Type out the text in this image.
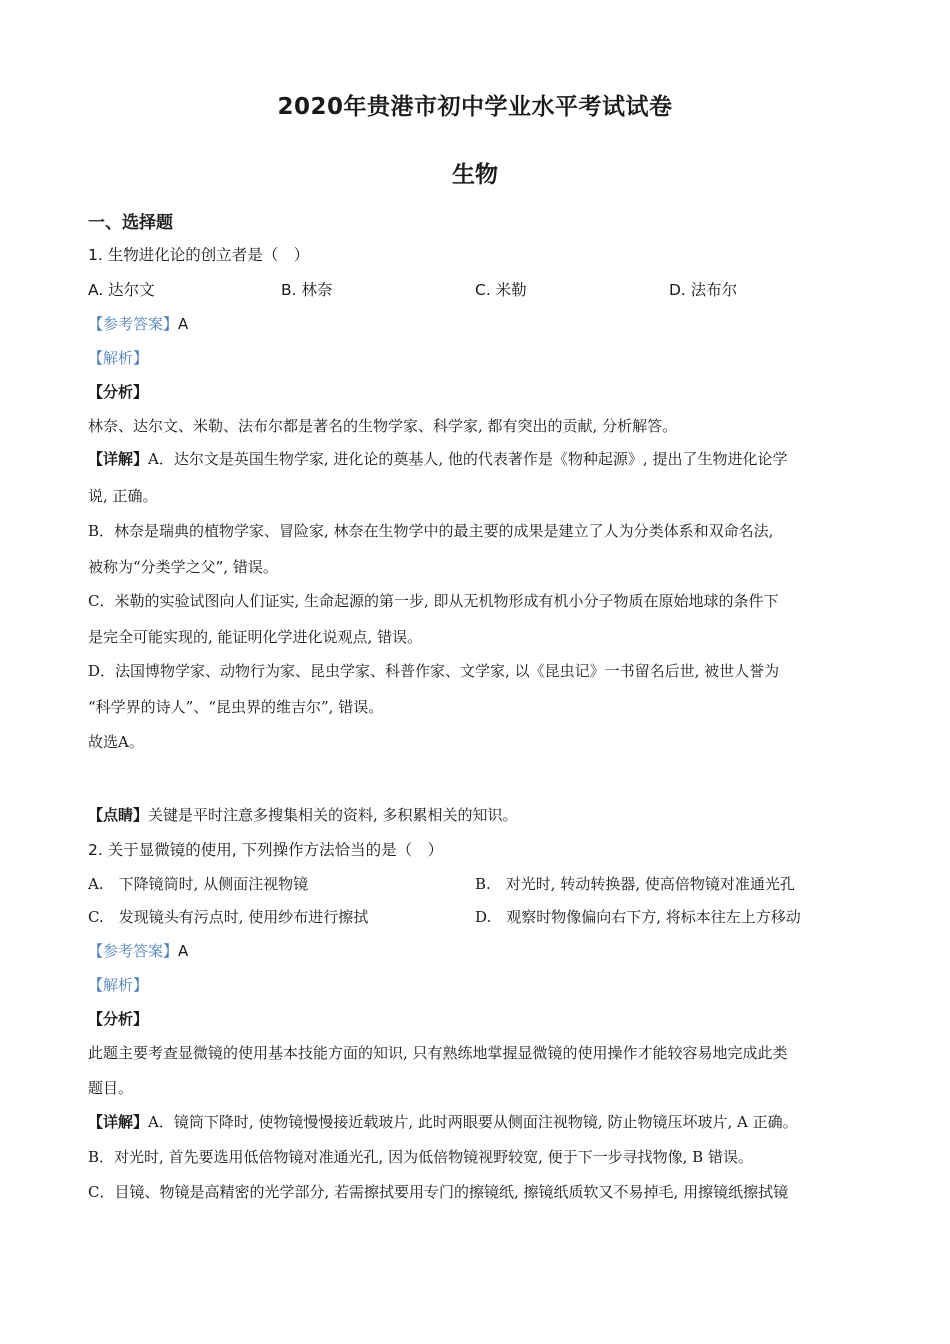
2020年贵港市初中学业水平考试试卷
生物
一、选择题
1. 生物进化论的创立者是（　）
A. 达尔文	B. 林奈	C. 米勒	D. 法布尔
【参考答案】A
【解析】
【分析】
林奈、达尔文、米勒、法布尔都是著名的生物学家、科学家, 都有突出的贡献, 分析解答。
【详解】A．达尔文是英国生物学家, 进化论的奠基人, 他的代表著作是《物种起源》, 提出了生物进化论学
说, 正确。
B．林奈是瑞典的植物学家、冒险家, 林奈在生物学中的最主要的成果是建立了人为分类体系和双命名法,
被称为“分类学之父”, 错误。
C．米勒的实验试图向人们证实, 生命起源的第一步, 即从无机物形成有机小分子物质在原始地球的条件下
是完全可能实现的, 能证明化学进化说观点, 错误。
D．法国博物学家、动物行为家、昆虫学家、科普作家、文学家, 以《昆虫记》一书留名后世, 被世人誉为
“科学界的诗人”、“昆虫界的维吉尔”, 错误。
故选A。
【点睛】关键是平时注意多搜集相关的资料, 多积累相关的知识。
2. 关于显微镜的使用, 下列操作方法恰当的是（　）
A.　下降镜筒时, 从侧面注视物镜	B.　对光时, 转动转换器, 使高倍物镜对准通光孔
C.　发现镜头有污点时, 使用纱布进行擦拭	D.　观察时物像偏向右下方, 将标本往左上方移动
【参考答案】A
【解析】
【分析】
此题主要考查显微镜的使用基本技能方面的知识, 只有熟练地掌握显微镜的使用操作才能较容易地完成此类
题目。
【详解】A．镜筒下降时, 使物镜慢慢接近载玻片, 此时两眼要从侧面注视物镜, 防止物镜压坏玻片, A 正确。
B．对光时, 首先要选用低倍物镜对准通光孔, 因为低倍物镜视野较宽, 便于下一步寻找物像, B 错误。
C．目镜、物镜是高精密的光学部分, 若需擦拭要用专门的擦镜纸, 擦镜纸质软又不易掉毛, 用擦镜纸擦拭镜
